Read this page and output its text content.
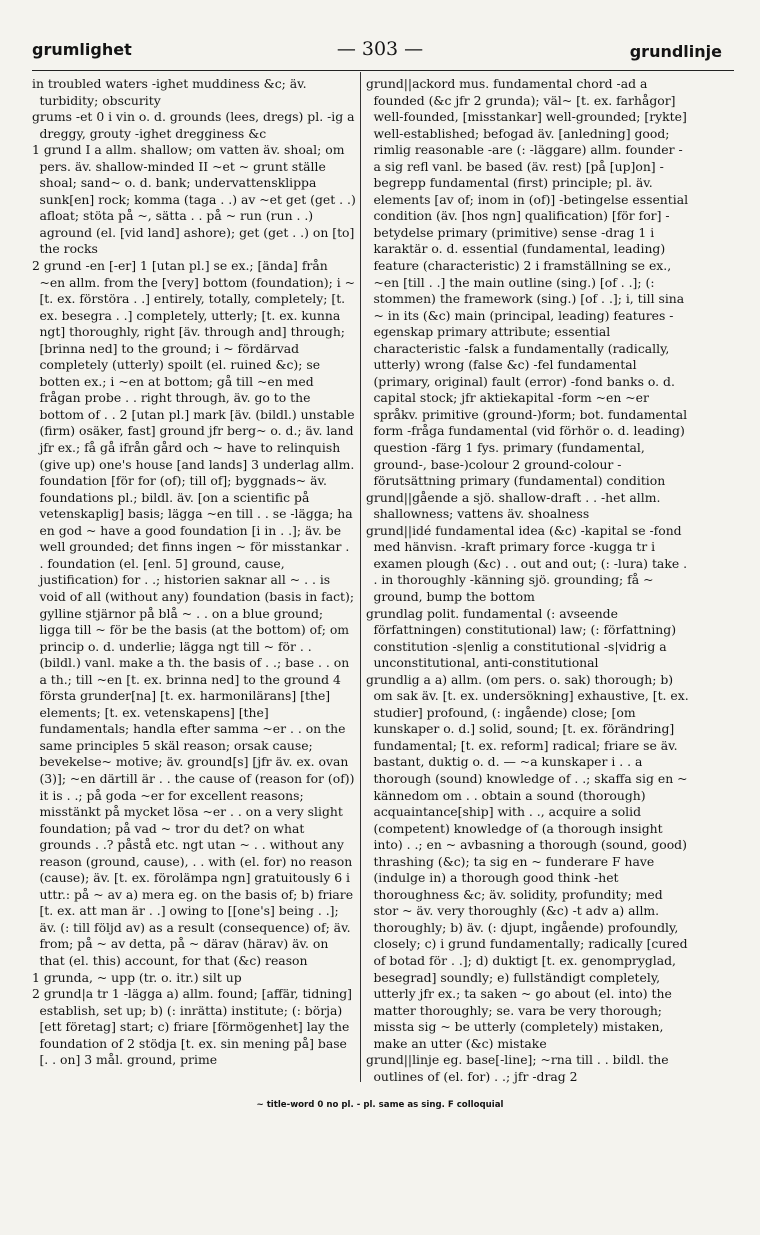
grumlighet	— 303 —	grundlinje

in troubled waters -ighet muddiness &c; äv. turbidity; obscurity

grums -et 0 i vin o. d. grounds (lees, dregs) pl. -ig a dreggy, grouty -ighet dregginess &c

1 grund I a allm. shallow; om vatten äv. shoal; om pers. äv. shallow-minded II ~et ~ grunt ställe shoal; sand~ o. d. bank; undervattensklippa sunk[en] rock; komma (taga . .) av ~et get (get . .) afloat; stöta på ~, sätta . . på ~ run (run . .) aground (el. [vid land] ashore); get (get . .) on [to] the rocks

2 grund -en [-er] 1 [utan pl.] se ex.; [ända] från ~en allm. from the [very] bottom (foundation); i ~ [t. ex. förstöra . .] entirely, totally, completely; [t. ex. besegra . .] completely, utterly; [t. ex. kunna ngt] thoroughly, right [äv. through and] through; [brinna ned] to the ground; i ~ fördärvad completely (utterly) spoilt (el. ruined &c); se botten ex.; i ~en at bottom; gå till ~en med frågan probe . . right through, äv. go to the bottom of . . 2 [utan pl.] mark [äv. (bildl.) unstable (firm) osäker, fast] ground jfr berg~ o. d.; äv. land jfr ex.; få gå ifrån gård och ~ have to relinquish (give up) one's house [and lands] 3 underlag allm. foundation [för for (of); till of]; byggnads~ äv. foundations pl.; bildl. äv. [on a scientific på vetenskaplig] basis; lägga ~en till . . se -lägga; ha en god ~ have a good foundation [i in . .]; äv. be well grounded; det finns ingen ~ för misstankar . . foundation (el. [enl. 5] ground, cause, justification) for . .; historien saknar all ~ . . is void of all (without any) foundation (basis in fact); gylline stjärnor på blå ~ . . on a blue ground; ligga till ~ för be the basis (at the bottom) of; om princip o. d. underlie; lägga ngt till ~ för . . (bildl.) vanl. make a th. the basis of . .; base . . on a th.; till ~en [t. ex. brinna ned] to the ground 4 första grunder[na] [t. ex. harmonilärans] [the] elements; [t. ex. vetenskapens] [the] fundamentals; handla efter samma ~er . . on the same principles 5 skäl reason; orsak cause; bevekelse~ motive; äv. ground[s] [jfr äv. ex. ovan (3)]; ~en därtill är . . the cause of (reason for (of)) it is . .; på goda ~er for excellent reasons; misstänkt på mycket lösa ~er . . on a very slight foundation; på vad ~ tror du det? on what grounds . .? påstå etc. ngt utan ~ . . without any reason (ground, cause), . . with (el. for) no reason (cause); äv. [t. ex. förolämpa ngn] gratuitously 6 i uttr.: på ~ av a) mera eg. on the basis of; b) friare [t. ex. att man är . .] owing to [[one's] being . .]; äv. (: till följd av) as a result (consequence) of; äv. from; på ~ av detta, på ~ därav (härav) äv. on that (el. this) account, for that (&c) reason

1 grunda, ~ upp (tr. o. itr.) silt up

2 grund|a tr 1 -lägga a) allm. found; [affär, tidning] establish, set up; b) (: inrätta) institute; (: börja) [ett företag] start; c) friare [förmögenhet] lay the foundation of 2 stödja [t. ex. sin mening på] base [. . on] 3 mål. ground, prime

grund||ackord mus. fundamental chord -ad a founded (&c jfr 2 grunda); väl~ [t. ex. farhågor] well-founded, [misstankar] well-grounded; [rykte] well-established; befogad äv. [anledning] good; rimlig reasonable -are (: -läggare) allm. founder -a sig refl vanl. be based (äv. rest) [på [up]on] -begrepp fundamental (first) principle; pl. äv. elements [av of; inom in (of)] -betingelse essential condition (äv. [hos ngn] qualification) [för for] -betydelse primary (primitive) sense -drag 1 i karaktär o. d. essential (fundamental, leading) feature (characteristic) 2 i framställning se ex., ~en [till . .] the main outline (sing.) [of . .]; (: stommen) the framework (sing.) [of . .]; i, till sina ~ in its (&c) main (principal, leading) features -egenskap primary attribute; essential characteristic -falsk a fundamentally (radically, utterly) wrong (false &c) -fel fundamental (primary, original) fault (error) -fond banks o. d. capital stock; jfr aktiekapital -form ~en ~er språkv. primitive (ground-)form; bot. fundamental form -fråga fundamental (vid förhör o. d. leading) question -färg 1 fys. primary (fundamental, ground-, base-)colour 2 ground-colour -förutsättning primary (fundamental) condition

grund||gående a sjö. shallow-draft . . -het allm. shallowness; vattens äv. shoalness

grund||idé fundamental idea (&c) -kapital se -fond med hänvisn. -kraft primary force -kugga tr i examen plough (&c) . . out and out; (: -lura) take . . in thoroughly -känning sjö. grounding; få ~ ground, bump the bottom

grundlag polit. fundamental (: avseende författningen) constitutional) law; (: författning) constitution -s|enlig a constitutional -s|vidrig a unconstitutional, anti-constitutional

grundlig a a) allm. (om pers. o. sak) thorough; b) om sak äv. [t. ex. undersökning] exhaustive, [t. ex. studier] profound, (: ingående) close; [om kunskaper o. d.] solid, sound; [t. ex. förändring] fundamental; [t. ex. reform] radical; friare se äv. bastant, duktig o. d. — ~a kunskaper i . . a thorough (sound) knowledge of . .; skaffa sig en ~ kännedom om . . obtain a sound (thorough) acquaintance[ship] with . ., acquire a solid (competent) knowledge of (a thorough insight into) . .; en ~ avbasning a thorough (sound, good) thrashing (&c); ta sig en ~ funderare F have (indulge in) a thorough good think -het thoroughness &c; äv. solidity, profundity; med stor ~ äv. very thoroughly (&c) -t adv a) allm. thoroughly; b) äv. (: djupt, ingående) profoundly, closely; c) i grund fundamentally; radically [cured of botad för . .]; d) duktigt [t. ex. genompryglad, besegrad] soundly; e) fullständigt completely, utterly jfr ex.; ta saken ~ go about (el. into) the matter thoroughly; se. vara be very thorough; missta sig ~ be utterly (completely) mistaken, make an utter (&c) mistake

grund||linje eg. base[-line]; ~rna till . . bildl. the outlines of (el. for) . .; jfr -drag 2

~ title-word 0 no pl. - pl. same as sing. F colloquial
